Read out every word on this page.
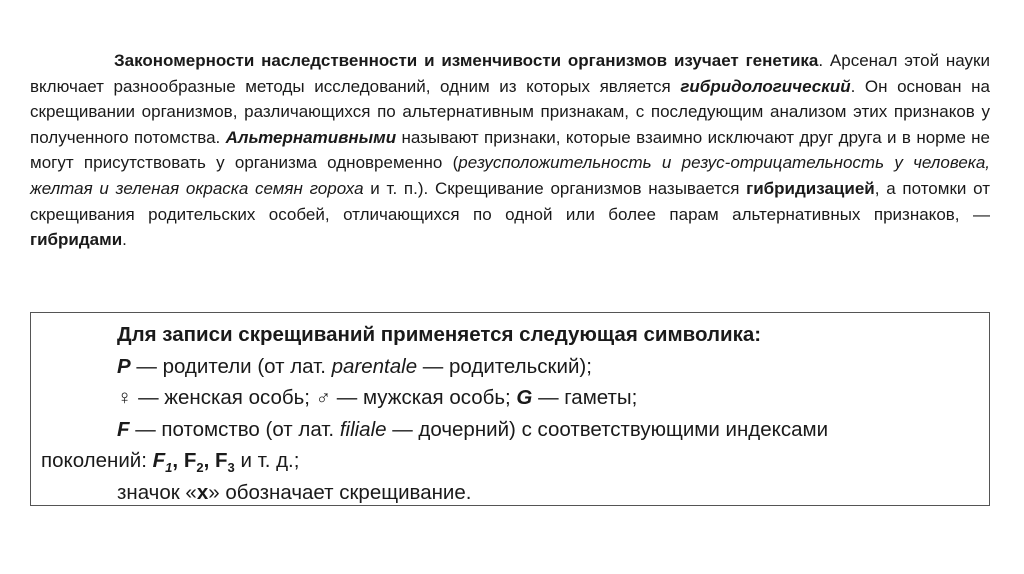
Закономерности наследственности и изменчивости организмов изучает генетика. Арсенал этой науки включает разнообразные методы исследований, одним из которых является гибридологический. Он основан на скрещивании организмов, различающихся по альтернативным признакам, с последующим анализом этих признаков у полученного потомства. Альтернативными называют признаки, которые взаимно исключают друг друга и в норме не могут присутствовать у организма одновременно (резусположительность и резус-отрицательность у человека, желтая и зеленая окраска семян гороха и т. п.). Скрещивание организмов называется гибридизацией, а потомки от скрещивания родительских особей, отличающихся по одной или более парам альтернативных признаков, — гибридами.

Для записи скрещиваний применяется следующая символика:

P — родители (от лат. parentale — родительский);

♀ — женская особь; ♂ — мужская особь; G — гаметы;

F — потомство (от лат. filiale — дочерний) с соответствующими индексами

поколений: $F_1$, $F_2$, $F_3$ и т. д.;

значок «x» обозначает скрещивание.
